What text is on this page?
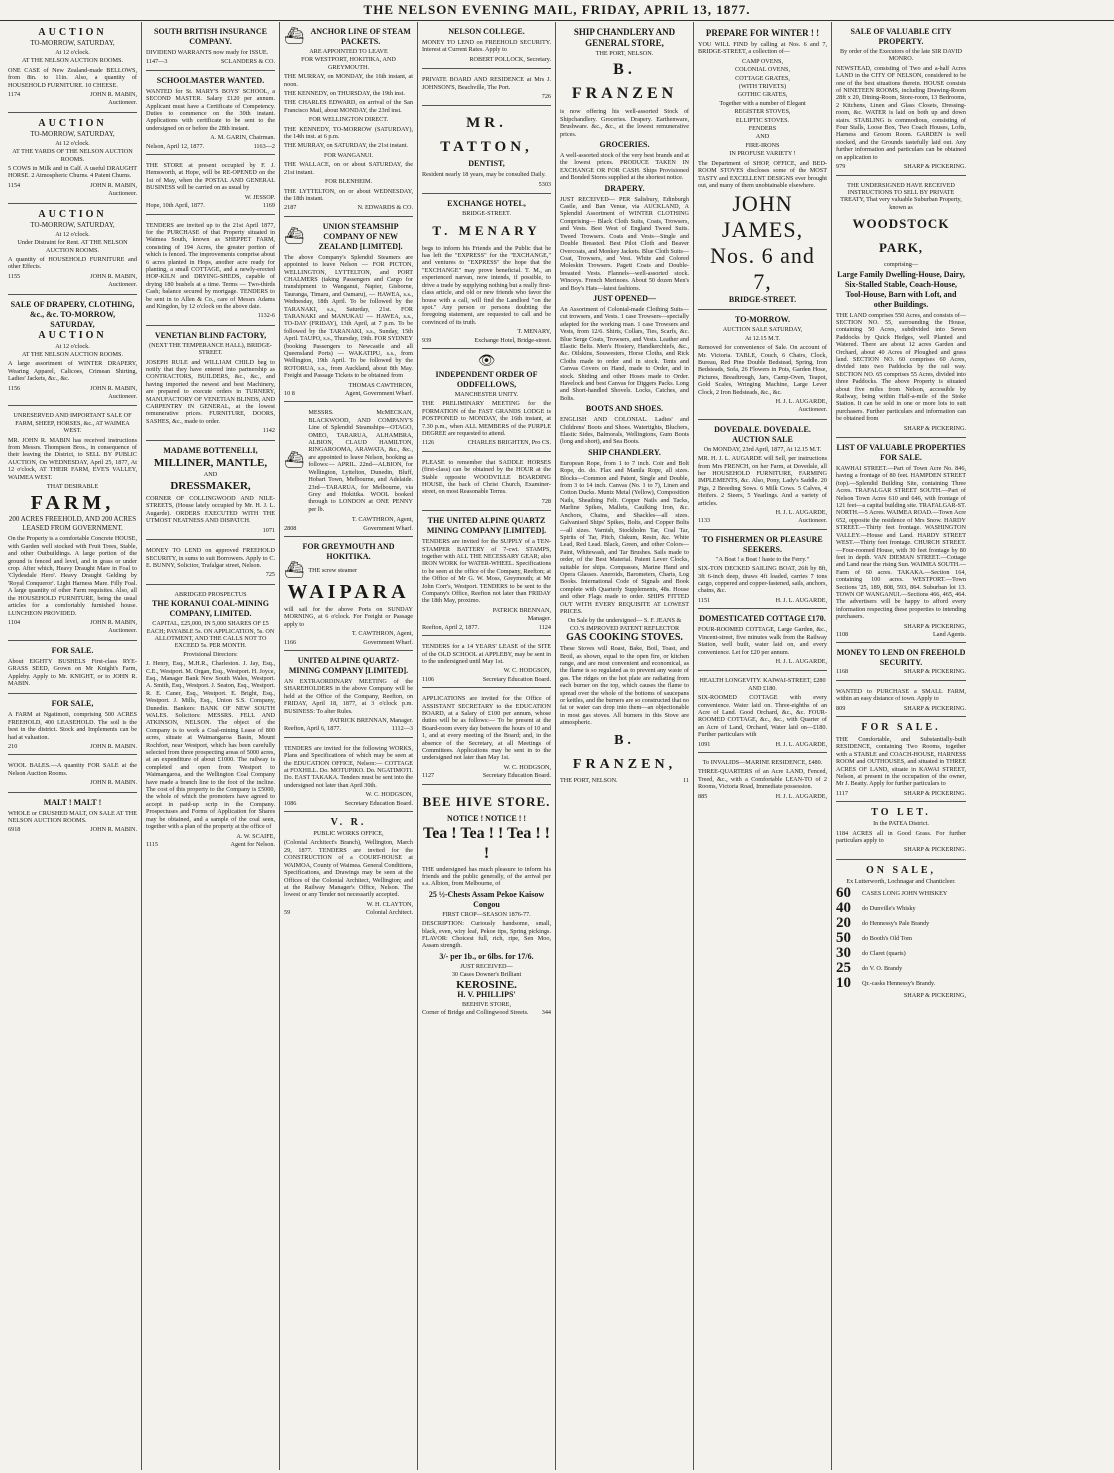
THE NELSON EVENING MAIL, FRIDAY, APRIL 13, 1877.
AUCTION
TO-MORROW, SATURDAY,
At 12 o'clock.
AT THE NELSON AUCTION ROOMS.
ONE CASE of New Zealand-made BELLOWS, from 8in. to 11in. Also, a quantity of HOUSEHOLD FURNITURE. 10 CHEESE.
1174	JOHN R. MABIN,
Auctioneer.
AUCTION
TO-MORROW, SATURDAY,
At 12 o'clock.
AT THE YARDS OF THE NELSON AUCTION ROOMS.
5 COWS in Milk and in Calf. A useful DRAUGHT HORSE. 2 Atmospheric Churns. 4 Patent Churns.
1154	JOHN R. MABIN,
Auctioneer.
AUCTION
TO-MORROW, SATURDAY,
At 12 o'clock.
Under Distraint for Rent. AT THE NELSON AUCTION ROOMS.
A quantity of HOUSEHOLD FURNITURE and other Effects.
1155	JOHN R. MABIN,
Auctioneer.
SALE OF DRAPERY, CLOTHING, &c., &c. TO-MORROW, SATURDAY,
AUCTION
At 12 o'clock.
AT THE NELSON AUCTION ROOMS.
A large assortment of WINTER DRAPERY, Wearing Apparel, Calicoes, Crimean Shirting, Ladies' Jackets, &c., &c.
1156	JOHN R. MABIN,
Auctioneer.
UNRESERVED AND IMPORTANT SALE OF FARM, SHEEP, HORSES, &c., AT WAIMEA WEST.
MR. JOHN R. MABIN has received instructions from Messrs. Thompson Bros., in consequence of their leaving the District, to SELL BY PUBLIC AUCTION, On WEDNESDAY, April 25, 1877, At 12 o'clock, AT THEIR FARM, EVE'S VALLEY, WAIMEA WEST.
THAT DESIRABLE
FARM,
200 ACRES FREEHOLD, AND 200 ACRES LEASED FROM GOVERNMENT.
On the Property is a comfortable Concrete HOUSE, with Garden well stocked with Fruit Trees, Stable, and other Outbuildings. A large portion of the ground is fenced and level, and in grass or under crop. After which, Heavy Draught Mare in Foal to 'Clydesdale Hero'. Heavy Draught Gelding by 'Royal Conqueror'. Light Harness Mare. Filly Foal. A large quantity of other Farm requisites. Also, all the HOUSEHOLD FURNITURE, being the usual articles for a comfortably furnished house. LUNCHEON PROVIDED.
1104	JOHN R. MABIN,
Auctioneer.
FOR SALE.
About EIGHTY BUSHELS First-class RYE-GRASS SEED, Grown on Mr Knight's Farm, Appleby. Apply to Mr. KNIGHT, or to JOHN R. MABIN.
FOR SALE,
A FARM at Ngatimoti, comprising 500 ACRES FREEHOLD, 400 LEASEHOLD. The soil is the best in the district. Stock and Implements can be had at valuation.
210	JOHN R. MABIN.
WOOL BALES.—A quantity FOR SALE at the Nelson Auction Rooms.
JOHN R. MABIN.
MALT ! MALT !
WHOLE or CRUSHED MALT, ON SALE AT THE NELSON AUCTION ROOMS.
6918	JOHN R. MABIN.
SOUTH BRITISH INSURANCE COMPANY.
DIVIDEND WARRANTS now ready for ISSUE.
1147—3	SCLANDERS & CO.
SCHOOLMASTER WANTED.
WANTED for St. MARY'S BOYS' SCHOOL, a SECOND MASTER. Salary £120 per annum. Applicant must have a Certificate of Competency. Duties to commence on the 30th instant. Applications with certificate to be sent to the undersigned on or before the 28th instant.
A. M. GARIN, Chairman.
Nelson, April 12, 1877.	1163—2
THE STORE at present occupied by F. J. Hemsworth, at Hope, will be RE-OPENED on the 1st of May, when the POSTAL AND GENERAL BUSINESS will be carried on as usual by
W. JESSOP.
Hope, 10th April, 1877.	1169
TENDERS are invited up to the 21st April 1877, for the PURCHASE of that Property situated in Waimea South, known as SHEPPET FARM, consisting of 194 Acres, the greater portion of which is fenced. The improvements comprise about 6 acres planted in Hops, another acre ready for planting, a small COTTAGE, and a newly-erected HOP-KILN and DRYING-SHEDS, capable of drying 180 bushels at a time. Terms — Two-thirds Cash; balance secured by mortgage. TENDERS to be sent in to Allen & Co., care of Messrs Adams and Kingdon, by 12 o'clock on the above date.
1132-6
VENETIAN BLIND FACTORY,
(NEXT THE TEMPERANCE HALL), BRIDGE-STREET.
JOSEPH RULE and WILLIAM CHILD beg to notify that they have entered into partnership as CONTRACTORS, BUILDERS, &c., &c., and having imported the newest and best Machinery, are prepared to execute orders in TURNERY, MANUFACTORY OF VENETIAN BLINDS, AND CARPENTRY IN GENERAL, at the lowest remunerative prices. FURNITURE, DOORS, SASHES, &c., made to order.
1142
MADAME BOTTENELLI,
MILLINER, MANTLE,
AND
DRESSMAKER,
CORNER OF COLLINGWOOD AND NILE-STREETS, (House lately occupied by Mr. H. J. L. Augarde). ORDERS EXECUTED WITH THE UTMOST NEATNESS AND DISPATCH.
1071
MONEY TO LEND on approved FREEHOLD SECURITY, in sums to suit Borrowers. Apply to C. E. BUNNY, Solicitor, Trafalgar street, Nelson.
725
ABRIDGED PROSPECTUS
THE KORANUI COAL-MINING COMPANY, LIMITED.
CAPITAL, £25,000, IN 5,000 SHARES OF £5 EACH; PAYABLE 5s. ON APPLICATION, 5s. ON ALLOTMENT, AND THE CALLS NOT TO EXCEED 5s. PER MONTH.
Provisional Directors:
J. Henry, Esq., M.H.R., Charleston. J. Jay, Esq., C.E., Westport. M. Organ, Esq., Westport. H. Joyce, Esq., Manager Bank New South Wales, Westport. A. Smith, Esq., Westport. J. Seaton, Esq., Westport. R. E. Caner, Esq., Westport. E. Bright, Esq., Westport. J. Mills, Esq., Union S.S. Company, Dunedin. Bankers: BANK OF NEW SOUTH WALES. Solicitors: MESSRS. FELL AND ATKINSON, NELSON. The object of the Company is to work a Coal-mining Lease of 800 acres, situate at Waimangaroa Basin, Mount Rochfort, near Westport, which has been carefully selected from three prospecting areas of 5000 acres, at an expenditure of about £1000. The railway is completed and open from Westport to Waimangaroa, and the Wellington Coal Company have made a branch line to the foot of the incline. The cost of this property to the Company is £5000, the whole of which the promoters have agreed to accept in paid-up scrip in the Company. Prospectuses and Forms of Application for Shares may be obtained, and a sample of the coal seen, together with a plan of the property at the office of
A. W. SCAIFE,
1115	Agent for Nelson.
⛴ ANCHOR LINE OF STEAM PACKETS.
ARE APPOINTED TO LEAVE
FOR WESTPORT, HOKITIKA, AND GREYMOUTH.
THE MURRAY, on MONDAY, the 16th instant, at noon.
THE KENNEDY, on THURSDAY, the 19th inst.
THE CHARLES EDWARD, on arrival of the San Francisco Mail, about MONDAY, the 23rd inst.
FOR WELLINGTON DIRECT.
THE KENNEDY, TO-MORROW (SATURDAY), the 14th inst. at 6 p.m.
THE MURRAY, on SATURDAY, the 21st instant.
FOR WANGANUI.
THE WALLACE, on or about SATURDAY, the 21st instant.
FOR BLENHEIM.
THE LYTTELTON, on or about WEDNESDAY, the 18th instant.
2187	N. EDWARDS & CO.
⛴
UNION STEAMSHIP COMPANY OF NEW ZEALAND [LIMITED].
The above Company's Splendid Steamers are appointed to leave Nelson — FOR PICTON, WELLINGTON, LYTTELTON, and PORT CHALMERS (taking Passengers and Cargo for transhipment to Wanganui, Napier, Gisborne, Tauranga, Timaru, and Oamaru), — HAWEA, s.s., Wednesday, 18th April. To be followed by the TARANAKI, s.s., Saturday, 21st. FOR TARANAKI and MANUKAU — HAWEA, s.s., TO-DAY (FRIDAY), 13th April, at 7 p.m. To be followed by the TARANAKI, s.s., Sunday, 15th April. TAUPO, s.s., Thursday, 19th. FOR SYDNEY (booking Passengers to Newcastle and all Queensland Ports) — WAKATIPU, s.s., from Wellington, 19th April. To be followed by the ROTORUA, s.s., from Auckland, about 8th May. Freight and Passage Tickets to be obtained from
THOMAS CAWTHRON,
10 8	Agent, Government Wharf.
⛴
MESSRS. McMECKAN, BLACKWOOD, AND COMPANY'S Line of Splendid Steamships—OTAGO, OMEO, TARARUA, ALHAMBRA, ALBION, CLAUD HAMILTON, RINGAROOMA, ARAWATA, &c., &c., are appointed to leave Nelson, booking as follows:— APRIL. 22nd—ALBION, for Wellington, Lyttelton, Dunedin, Bluff, Hobart Town, Melbourne, and Adelaide. 23rd—TARARUA, for Melbourne, via Grey and Hokitika. WOOL booked through to LONDON at ONE PENNY per lb.
T. CAWTHRON, Agent,
2808	Government Wharf.
FOR GREYMOUTH AND HOKITIKA.
⛴ THE screw steamer
WAIPARA
will sail for the above Ports on SUNDAY MORNING, at 6 o'clock. For Freight or Passage apply to
T. CAWTHRON, Agent,
1166	Government Wharf.
UNITED ALPINE QUARTZ-MINING COMPANY [LIMITED].
AN EXTRAORDINARY MEETING of the SHAREHOLDERS in the above Company will be held at the Office of the Company, Reefton, on FRIDAY, April 18, 1877, at 3 o'clock p.m. BUSINESS: To alter Rules.
PATRICK BRENNAN, Manager.
Reefton, April 6, 1877.	1112—3
TENDERS are invited for the following WORKS, Plans and Specifications of which may be seen at the EDUCATION OFFICE, Nelson:— COTTAGE at FOXHILL. Do. MOTUPIKO. Do. NGATIMOTI. Do. EAST TAKAKA. Tenders must be sent into the undersigned not later than April 30th.
W. C. HODGSON,
1086	Secretary Education Board.
V. R.
PUBLIC WORKS OFFICE,
(Colonial Architect's Branch), Wellington, March 29, 1877. TENDERS are invited for the CONSTRUCTION of a COURT-HOUSE at WAIMOA, County of Waimea. General Conditions, Specifications, and Drawings may be seen at the Offices of the Colonial Architect, Wellington; and at the Railway Manager's Office, Nelson. The lowest or any Tender not necessarily accepted.
W. H. CLAYTON,
59	Colonial Architect.
NELSON COLLEGE.
MONEY TO LEND on FREEHOLD SECURITY. Interest at Current Rates. Apply to
ROBERT POLLOCK, Secretary.
PRIVATE BOARD AND RESIDENCE at Mrs J. JOHNSON'S, Beachville, The Port.
726
MR. TATTON,
DENTIST,
Resident nearly 18 years, may be consulted Daily.
5303
EXCHANGE HOTEL,
BRIDGE-STREET.
T. MENARY
begs to inform his Friends and the Public that he has left the "EXPRESS" for the "EXCHANGE," and ventures to "EXPRESS" the hope that the "EXCHANGE" may prove beneficial. T. M., an experienced narvan, now intends, if possible, to drive a trade by supplying nothing but a really first-class article, and old or new friends who favor the house with a call, will find the Landlord "on the spot." Any person or persons doubting the foregoing statement, are requested to call and be convinced of its truth.
T. MENARY,
939	Exchange Hotel, Bridge-street.
👁
INDEPENDENT ORDER OF ODDFELLOWS,
MANCHESTER UNITY.
THE PRELIMINARY MEETING for the FORMATION of the FAST GRANDS LODGE is POSTPONED to MONDAY, the 16th instant, at 7.30 p.m., when ALL MEMBERS of the PURPLE DEGREE are requested to attend.
1126	CHARLES BRIGHTEN, Pro CS.
PLEASE to remember that SADDLE HORSES (first-class) can be obtained by the HOUR at the Stable opposite WOODVILLE BOARDING HOUSE, the back of Christ Church, Examiner-street, on most Reasonable Terms.
728
THE UNITED ALPINE QUARTZ MINING COMPANY [LIMITED].
TENDERS are invited for the SUPPLY of a TEN-STAMPER BATTERY of 7-cwt. STAMPS, together with ALL THE NECESSARY GEAR; also IRON WORK for WATER-WHEEL. Specifications to be seen at the office of the Company, Reefton; at the Office of Mr G. W. Moss, Greymouth; at Mr John Corr's, Westport. TENDERS to be sent to the Company's Office, Reefton not later than FRIDAY the 18th May, proximo.
PATRICK BRENNAN,
Manager.
Reefton, April 2, 1877.	1124
TENDERS for a 14 YEARS' LEASE of the SITE of the OLD SCHOOL at APPLEBY, may be sent in to the undersigned until May 1st.
W. C. HODGSON,
1106	Secretary Education Board.
APPLICATIONS are invited for the Office of ASSISTANT SECRETARY to the EDUCATION BOARD, at a Salary of £100 per annum, whose duties will be as follows:— To be present at the Board-room every day between the hours of 10 and 1, and at every meeting of the Board; and, in the absence of the Secretary, at all Meetings of Committees. Applications may be sent in to the undersigned not later than May 1st.
W. C. HODGSON,
1127	Secretary Education Board.
BEE HIVE STORE.
NOTICE ! NOTICE ! !
Tea ! Tea ! ! Tea ! ! !
THE undersigned has much pleasure to inform his friends and the public generally, of the arrival per s.s. Albion, from Melbourne, of
25 ½-Chests Assam Pekoe Kaisow Congou
FIRST CROP—SEASON 1876-77.
DESCRIPTION: Curiously handsome, small, black, even, wiry leaf, Pekoe tips, Spring pickings. FLAVOR: Choicest full, rich, ripe, Sen Moo, Assam strength.
3/- per 1b., or 6lbs. for 17/6.
JUST RECEIVED—
30 Cases Downer's Brilliant
KEROSINE.
H. V. PHILLIPS'
BEEHIVE STORE,
Corner of Bridge and Collingwood Streets. 344
SHIP CHANDLERY AND GENERAL STORE,
THE PORT, NELSON.
B. FRANZEN
is now offering his well-assorted Stock of Shipchandlery. Groceries. Drapery. Earthenware, Brushware. &c., &c., at the lowest remunerative prices.
GROCERIES.
A well-assorted stock of the very best brands and at the lowest prices. PRODUCE TAKEN IN EXCHANGE OR FOR CASH. Ships Provisioned and Bonded Stores supplied at the shortest notice.
DRAPERY.
JUST RECEIVED— PER Salisbury, Edinburgh Castle, and Ban Venue, via AUCKLAND, A Splendid Assortment of WINTER CLOTHING Comprising— Black Cloth Suits, Coats, Trowsers, and Vests. Best West of England Tweed Suits. Tweed Trowsers. Coats and Vests—Single and Double Breasted. Best Pilot Cloth and Beaver Overcoats, and Monkey Jackets. Blue Cloth Suits—Coat, Trowsers, and Vest. White and Colored Moleskin Trowsers. Pagett Coats and Double-breasted Vests. Flannels—well-assorted stock. Winceys. French Merinoes. About 50 dozen Men's and Boy's Hats—latest fashions.
JUST OPENED—
An Assortment of Colonial-made Clothing Suits—cut trowsers, and Vests. 1 case Trowsers—specially adapted for the working man. 1 case Trowsers and Vests, from 12/6. Shirts, Collars, Ties, Scarfs, &c. Blue Serge Coats, Trowsers, and Vests. Leather and Elastic Belts. Men's Hosiery, Handkerchiefs, &c., &c. Oilskins, Souwesters, Horse Cloths, and Rick Cloths made to order and in stock. Tents and Canvas Covers on Hand, made to Order, and in stock. Shiding and other Hoses made to Order. Havelock and best Canvas for Diggers Packs. Long and Short-handled Shovels. Locks, Catches, and Bolts.
BOOTS AND SHOES.
ENGLISH AND COLONIAL. Ladies' and Childrens' Boots and Shoes. Watertights, Bluchers, Elastic Sides, Balmorals, Wellingtons, Gum Boots (long and short), and Sea Boots.
SHIP CHANDLERY.
European Rope, from 1 to 7 inch. Coir and Bolt Rope, do. do. Flax and Manila Rope, all sizes. Blocks—Common and Patent, Single and Double, from 3 to 14 inch. Canvas (No. 1 to 7), Linen and Cotton Ducks. Muntz Metal (Yellow), Composition Nails, Sheathing Felt. Copper Nails and Tacks, Marline Spikes, Mallets, Caulking Iron, &c. Anchors, Chains, and Shackles—all sizes. Galvanised Ships' Spikes, Bolts, and Copper Bolts—all sizes. Varnish, Stockholm Tar, Coal Tar, Spirits of Tar, Pitch, Oakum, Resin, &c. White Lead, Red Lead. Black, Green, and other Colors—Paint, Whitewash, and Tar Brushes. Sails made to order, of the Best Material. Patent Lever Clocks, suitable for ships. Compasses, Marine Hand and Opera Glasses. Aneroids, Barometers, Charts, Log Books. International Code of Signals and Book complete with Quarterly Supplements, 48s. House and other Flags made to order. SHIPS FITTED OUT WITH EVERY REQUISITE AT LOWEST PRICES.
On Sale by the undersigned— S. F. JEANS & CO.'S IMPROVED PATENT REFLECTOR
GAS COOKING STOVES.
These Stoves will Roast, Bake, Boil, Toast, and Broil, as shown, equal to the open fire, or kitchen range, and are most convenient and economical, as the flame is so regulated as to prevent any waste of gas. The ridges on the hot plate are radiating from each burner on the top, which causes the flame to spread over the whole of the bottoms of saucepans or kettles, and the burners are so constructed that no fat or water can drop into them—an objectionable in most gas stoves. All burners in this Stove are atmospheric.
B. FRANZEN,
THE PORT, NELSON.	11
PREPARE FOR WINTER ! !
YOU WILL FIND by calling at Nos. 6 and 7, BRIDGE-STREET, a collection of—
CAMP OVENS,
COLONIAL OVENS,
COTTAGE GRATES,
(WITH TRIVETS)
GOTHIC GRATES,
Together with a number of Elegant
REGISTER STOVES,
ELLIPTIC STOVES.
FENDERS
AND
FIRE-IRONS
IN PROFUSE VARIETY !
The Department of SHOP, OFFICE, and BED-ROOM STOVES discloses some of the MOST TASTY and EXCELLENT DESIGNS ever brought out, and many of them unobtainable elsewhere.
JOHN JAMES,
Nos. 6 and 7,
BRIDGE-STREET.
TO-MORROW.
AUCTION SALE SATURDAY,
At 12.15 M.T.
Removed for convenience of Sale. On account of Mr. Victoria. TABLE, Couch, 6 Chairs, Clock, Bureau, Red Pine Double Bedstead, Spring, Iron Bedsteads, Sofa, 26 Flowers in Pots, Garden Hose, Pictures, Breadtrough, Jars, Camp-Oven, Teapot, Gold Scales, Wringing Machine, Large Lever Clock, 2 Iron Bedsteads, &c., &c.
H. J. L. AUGARDE,
Auctioneer.
DOVEDALE. DOVEDALE.
AUCTION SALE
On MONDAY, 23rd April, 1877, At 12.15 M.T.
MR. H. J. L. AUGARDE will Sell, per instructions from Mrs FRENCH, on her Farm, at Dovedale, all her HOUSEHOLD FURNITURE, FARMING IMPLEMENTS, &c. Also, Pony, Lady's Saddle. 20 Pigs, 2 Breeding Sows. 6 Milk Cows. 5 Calves, 4 Heifers. 2 Steers, 5 Yearlings. And a variety of articles.
H. J. L. AUGARDE,
1133	Auctioneer.
TO FISHERMEN OR PLEASURE SEEKERS.
"A Boat ! a Boat ! haste to the Ferry."
SIX-TON DECKED SAILING BOAT, 26ft by 8ft, 3ft 6-inch deep, draws 4ft loaded, carries 7 tons cargo, coppered and copper-fastened, sails, anchors, chains, &c.
1151	H. J. L. AUGARDE,
DOMESTICATED COTTAGE £170.
FOUR-ROOMED COTTAGE, Large Garden, &c., Vincent-street, five minutes walk from the Railway Station, well built, water laid on, and every convenience. Let for £20 per annum.
H. J. L. AUGARDE,
HEALTH LONGEVITY. KAIWAI-STREET, £280 AND £180.
SIX-ROOMED COTTAGE with every convenience. Water laid on. Three-eighths of an Acre of Land. Good Orchard, &c., &c. FOUR-ROOMED COTTAGE, &c., &c., with Quarter of an Acre of Land, Orchard, Water laid on—£180. Further particulars with
1091	H. J. L. AUGARDE,
To INVALIDS—MARINE RESIDENCE, £480.
THREE-QUARTERS of an Acre LAND, Fenced, Treed, &c., with a Comfortable LEAN-TO of 2 Rooms, Victoria Road, Immediate possession.
885	H. J. L. AUGARDE,
SALE OF VALUABLE CITY PROPERTY.
By order of the Executors of the late SIR DAVID MONRO.
NEWSTEAD, consisting of Two and a-half Acres LAND in the CITY OF NELSON, considered to be one of the best situations therein. HOUSE consists of NINETEEN ROOMS, including Drawing-Room 28ft x 20, Dining-Room, Store-room, 13 Bedrooms, 2 Kitchens, Linen and Glass Closets, Dressing-room, &c. WATER is laid on both up and down stairs. STABLING is commodious, consisting of Four Stalls, Loose Box, Two Coach Houses, Lofts, Harness and Groom Room. GARDEN is well stocked, and the Grounds tastefully laid out. Any further information and particulars can be obtained on application to
979	SHARP & PICKERING.
THE UNDERSIGNED HAVE RECEIVED INSTRUCTIONS TO SELL BY PRIVATE TREATY, That very valuable Suburban Property, known as
WOODSTOCK PARK,
comprising—
Large Family Dwelling-House, Dairy, Six-Stalled Stable, Coach-House, Tool-House, Barn with Loft, and other Buildings.
THE LAND comprises 550 Acres, and consists of— SECTION NO. 55, surrounding the House, containing 50 Acres, subdivided into Seven Paddocks by Quick Hedges, well Planted and Watered. There are about 12 acres Garden and Orchard, about 40 Acres of Ploughed and grass land. SECTION NO. 60 comprises 60 Acres, divided into two Paddocks by the rail way. SECTION NO. 65 comprises 55 Acres, divided into three Paddocks. The above Property is situated about five miles from Nelson, accessible by Railway, being within Half-a-mile of the Stoke Station. It can be sold in one or more lots to suit purchasers. Further particulars and information can be obtained from
SHARP & PICKERING.
LIST OF VALUABLE PROPERTIES FOR SALE.
KAWHAI STREET.—Part of Town Acre No. 846, having a frontage of 80 feet. HAMPDEN STREET (top).—Splendid Building Site, containing Three Acres. TRAFALGAR STREET SOUTH.—Part of Nelson Town Acres 610 and 646, with frontage of 121 feet—a capital building site. TRAFALGAR-ST. NORTH.—5 Acres. WAIMEA ROAD.—Town Acre 652, opposite the residence of Mrs Snow. HARDY STREET.—Thirty feet frontage. WASHINGTON VALLEY.—House and Land. HARDY STREET WEST.—Thirty feet frontage. CHURCH STREET.—Four-roomed House, with 30 feet frontage by 80 feet in depth. VAN DIEMAN STREET.—Cottage and Land near the rising Sun. WAIMEA SOUTH.—Farm of 60 acres. TAKAKA.—Section 164, containing 100 acres. WESTPORT.—Town Sections '25, 189, 808, 593, 864. Suburban lot 13. TOWN OF WANGANUI.—Sections 466, 465, 464. The advertisers will be happy to afford every information respecting these properties to intending purchasers.
SHARP & PICKERING,
1108	Land Agents.
MONEY TO LEND ON FREEHOLD SECURITY.
1168	SHARP & PICKERING.
WANTED to PURCHASE a SMALL FARM, within an easy distance of town. Apply to
809	SHARP & PICKERING.
FOR SALE.
THE Comfortable, and Substantially-built RESIDENCE, containing Two Rooms, together with a STABLE and COACH-HOUSE, HARNESS ROOM and OUTHOUSES, and situated in THREE ACRES OF LAND, situate in KAWAI STREET, Nelson, at present in the occupation of the owner, Mr J. Beatty. Apply for further particulars to
1117	SHARP & PICKERING.
TO LET.
In the PATEA District.
1184 ACRES all in Good Grass. For further particulars apply to
SHARP & PICKERING.
ON SALE,
Ex Lutterworth, Lochnagar and Chanticleer.
60	CASES LONG JOHN WHISKEY
40	do Dunville's Whisky
20	do Hennessy's Pale Brandy
50	do Booth's Old Tom
30	do Claret (quarts)
25	do V. O. Brandy
10	Qr.-casks Hennessy's Brandy.
SHARP & PICKERING,
